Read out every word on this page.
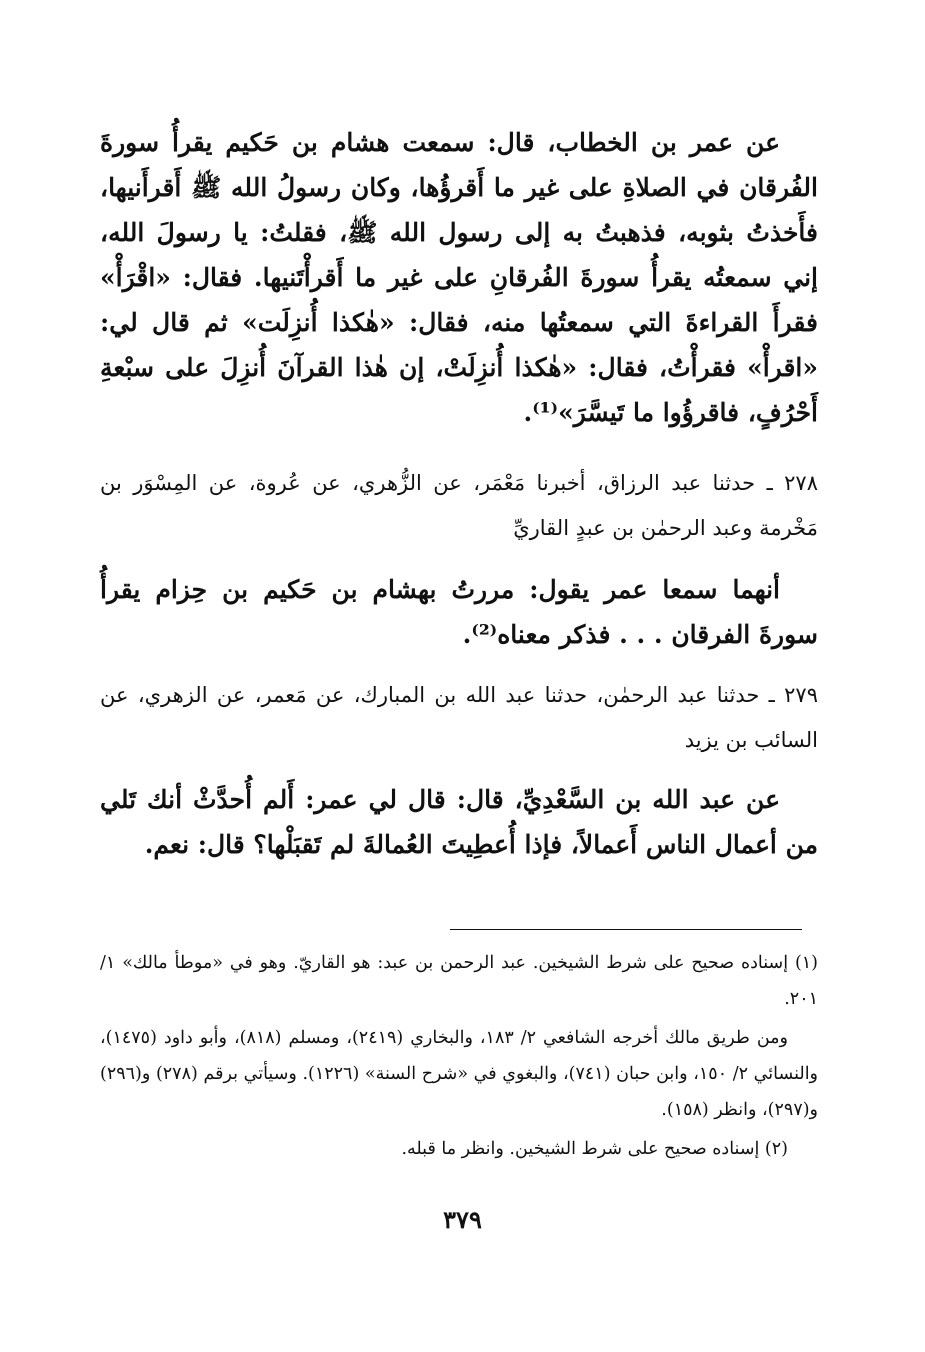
عن عمر بن الخطاب، قال: سمعت هشام بن حَكيم يقرأُ سورةَ الفُرقان في الصلاةِ على غير ما أَقرؤُها، وكان رسولُ الله ﷺ أَقرأَنيها، فأَخذتُ بثوبه، فذهبتُ به إلى رسول الله ﷺ، فقلتُ: يا رسولَ الله، إني سمعتُه يقرأُ سورةَ الفُرقانِ على غير ما أَقرأْتَنيها. فقال: «اقْرَأْ» فقرأَ القراءةَ التي سمعتُها منه، فقال: «هٰكذا أُنزِلَت» ثم قال لي: «اقرأْ» فقرأْتُ، فقال: «هٰكذا أُنزِلَتْ، إن هٰذا القرآنَ أُنزِلَ على سبْعةِ أَحْرُفٍ، فاقرؤُوا ما تَيسَّرَ»⁽¹⁾.

٢٧٨ ـ حدثنا عبد الرزاق، أخبرنا مَعْمَر، عن الزُّهري، عن عُروة، عن المِسْوَر بن مَخْرمة وعبد الرحمٰن بن عبدٍ القاريِّ

أنهما سمعا عمر يقول: مررتُ بهشام بن حَكيم بن حِزام يقرأُ سورةَ الفرقان . . . فذكر معناه⁽²⁾.

٢٧٩ ـ حدثنا عبد الرحمٰن، حدثنا عبد الله بن المبارك، عن مَعمر، عن الزهري، عن السائب بن يزيد

عن عبد الله بن السَّعْدِيِّ، قال: قال لي عمر: أَلم أُحدَّثْ أنك تَلي من أعمال الناس أَعمالاً، فإذا أُعطِيتَ العُمالةَ لم تَقبَلْها؟ قال: نعم.

(١) إسناده صحيح على شرط الشيخين. عبد الرحمن بن عبد: هو القاريّ. وهو في «موطأ مالك» ١/ ٢٠١.

ومن طريق مالك أخرجه الشافعي ٢/ ١٨٣، والبخاري (٢٤١٩)، ومسلم (٨١٨)، وأبو داود (١٤٧٥)، والنسائي ٢/ ١٥٠، وابن حبان (٧٤١)، والبغوي في «شرح السنة» (١٢٢٦). وسيأتي برقم (٢٧٨) و(٢٩٦) و(٢٩٧)، وانظر (١٥٨).

(٢) إسناده صحيح على شرط الشيخين. وانظر ما قبله.

٣٧٩
